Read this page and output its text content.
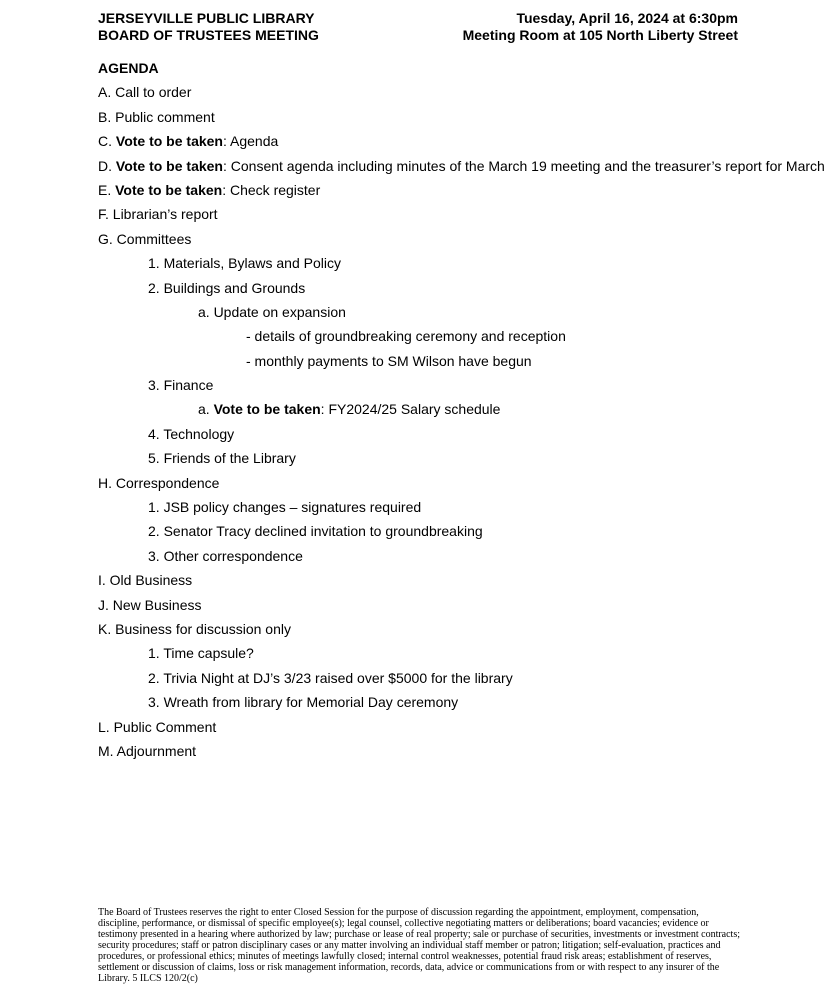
JERSEYVILLE PUBLIC LIBRARY
BOARD OF TRUSTEES MEETING
Tuesday, April 16, 2024 at 6:30pm
Meeting Room at 105 North Liberty Street
AGENDA
A. Call to order
B. Public comment
C. Vote to be taken: Agenda
D. Vote to be taken: Consent agenda including minutes of the March 19 meeting and the treasurer’s report for March
E. Vote to be taken: Check register
F. Librarian’s report
G. Committees
1. Materials, Bylaws and Policy
2. Buildings and Grounds
a. Update on expansion
- details of groundbreaking ceremony and reception
- monthly payments to SM Wilson have begun
3. Finance
a. Vote to be taken: FY2024/25 Salary schedule
4. Technology
5. Friends of the Library
H. Correspondence
1. JSB policy changes – signatures required
2. Senator Tracy declined invitation to groundbreaking
3. Other correspondence
I. Old Business
J. New Business
K. Business for discussion only
1. Time capsule?
2. Trivia Night at DJ’s 3/23 raised over $5000 for the library
3. Wreath from library for Memorial Day ceremony
L. Public Comment
M. Adjournment
The Board of Trustees reserves the right to enter Closed Session for the purpose of discussion regarding the appointment, employment, compensation, discipline, performance, or dismissal of specific employee(s); legal counsel, collective negotiating matters or deliberations; board vacancies; evidence or testimony presented in a hearing where authorized by law; purchase or lease of real property; sale or purchase of securities, investments or investment contracts; security procedures; staff or patron disciplinary cases or any matter involving an individual staff member or patron; litigation; self-evaluation, practices and procedures, or professional ethics; minutes of meetings lawfully closed; internal control weaknesses, potential fraud risk areas; establishment of reserves, settlement or discussion of claims, loss or risk management information, records, data, advice or communications from or with respect to any insurer of the Library. 5 ILCS 120/2(c)
